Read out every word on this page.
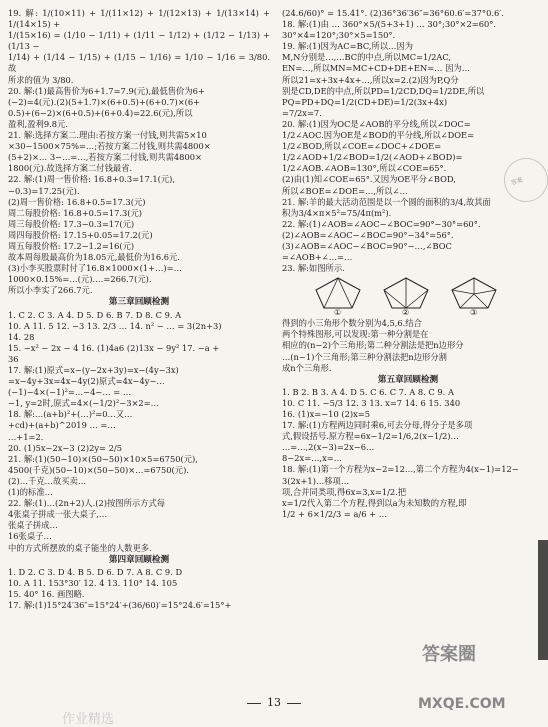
19. 解: 1/(10×11) + 1/(11×12) + 1/(12×13) + 1/(13×14) + 1/(14×15) +

1/(15×16) = (1/10 − 1/11) + (1/11 − 1/12) + (1/12 − 1/13) + (1/13 −

1/14) + (1/14 − 1/15) + (1/15 − 1/16) = 1/10 − 1/16 = 3/80. 故

所求的值为 3/80.

20. 解:(1)最高售价为6+1.7=7.9(元),最低售价为6+

(−2)=4(元).(2)(5+1.7)×(6+0.5)+(6+0.7)×(6+

0.5)+(6−2)×(6+0.5)+(6+0.4)=22.6(元),所以

盈利,盈利9.8元.

21. 解:选择方案二.理由:若按方案一付钱,则共需5×10

×30−1500×75%=…;若按方案二付钱,则共需4800×

(5+2)×… 3−…=…,若按方案二付钱,则共需4800×

1800(元).故选择方案二付钱最省.

22. 解:(1)周一售价格: 16.8+0.3=17.1(元),

−0.3)=17.25(元).

(2)周一售价格: 16.8+0.5=17.3(元)

周二每股价格: 16.8+0.5=17.3(元)

周三每股价格: 17.3−0.3=17(元)

周四每股价格: 17.15+0.05=17.2(元)

周五每股价格: 17.2−1.2=16(元)

故本周每股最高价为18.05元,最低价为16.6元.

(3)小李买股票时付了16.8×1000×(1+…)=…

1000×0.15%=…(元).…=266.7(元).

所以小李实了266.7元.

第三章回顾检测

1. C 2. C 3. A 4. D 5. D 6. B 7. D 8. C 9. A

10. A 11. 5 12. −3 13. 2/3 … 14. n² − … = 3(2n+3)

14. 28

15. −x² − 2x − 4 16. (1)4a6 (2)13x − 9y² 17. −a +

36

17. 解:(1)原式=x−(y−2x+3y)=x−(4y−3x)

=x−4y+3x=4x−4y(2)原式=4x−4y−…

(−1)−4×(−1)²=…−4−… = …

−1, y=2时,原式=4×(−1/2)²−3×2=…

18. 解:…(a+b)²+(…)²=0…又…

+cd)+(a+b)^2019 … =…

…+1=2.

20. (1)5x−2x−3 (2)2y= 2/5

21. 解:(1)(50−10)×(50−50)×10×5=6750(元),

4500(千克)(50−10)×(50−50)×…=6750(元).

(2)…千克…故买卖…

(1)的标准…

22. 解:(1)…(2n+2)人.(2)按图所示方式每

4张桌子拼成一张大桌子,…

张桌子拼成…

16张桌子…

中的方式所摆放的桌子能坐的人数更多.

第四章回顾检测

1. D 2. C 3. D 4. B 5. D 6. D 7. A 8. C 9. D

10. A 11. 153°30′ 12. 4 13. 110° 14. 105

15. 40° 16. 画图略.

17. 解:(1)15°24′36″=15°24′+(36/60)′=15°24.6′=15°+

(24.6/60)° = 15.41°. (2)36°36′36″=36°60.6′=37°0.6′.

18. 解:(1)由 … 360°×5/(5+3+1) … 30°;30°×2=60°.

30°×4=120°;30°×5=150°.

19. 解:(1)因为AC=BC,所以…因为

M,N分别是…,…BC的中点,所以MC=1/2AC,

EN=…,所以MN=MC+CD+DE+EN=… 因为…

所以21=x+3x+4x+…,所以x=2.(2)因为P,Q分

别是CD,DE的中点,所以PD=1/2CD,DQ=1/2DE,所以

PQ=PD+DQ=1/2(CD+DE)=1/2(3x+4x)

=7/2x=7.

20. 解:(1)因为OC是∠AOB的平分线,所以∠DOC=

1/2∠AOC.因为OE是∠BOD的平分线,所以∠DOE=

1/2∠BOD,所以∠COE=∠DOC+∠DOE=

1/2∠AOD+1/2∠BOD=1/2(∠AOD+∠BOD)=

1/2∠AOB.∠AOB=130°,所以∠COE=65°.

(2)由(1)知∠COE=65°.又因为OE平分∠BOD,

所以∠BOE=∠DOE=…,所以∠…

21. 解:羊的最大活动范围是以一个圆的面积的3/4,故其面

积为3/4×π×5²=75/4π(m²).

22. 解:(1)∠AOB=∠AOC−∠BOC=90°−30°=60°.

(2)∠AOB=∠AOC−∠BOC=90°−34°=56°.

(3)∠AOB=∠AOC−∠BOC=90°−…,∠BOC

=∠AOB+∠…=…

23. 解:如图所示.

①	②	③

得到的小三角形个数分别为4,5,6.结合

两个特殊图形,可以发现:第一种分割是在

相应的(n−2)个三角形;第二种分割法是把n边形分

…(n−1)个三角形;第三种分割法把n边形分割

成n个三角形.

第五章回顾检测

1. B 2. B 3. A 4. D 5. C 6. C 7. A 8. C 9. A

10. C 11. −5/3 12. 3 13. x=7 14. 6 15. 340

16. (1)x=−10 (2)x=5

17. 解:(1)方程两边同时乘6,可去分母,得分子是多项

式,假设括号.原方程=6x−1/2=1/6,2(x−1/2)…

…=…,2(x−3)=2x−6…

8−2x=…,x=…

18. 解:(1)第一个方程为x−2=12…,第二个方程为4(x−1)=12−

3(2x+1)…移项…

项,合并同类项,得6x=3,x=1/2.把

x=1/2代入第二个方程,得到以a为未知数的方程,即

1/2 + 6×1/2/3 = a/6 + …

答案
答案圈
MXQE.COM
作业精选
13
